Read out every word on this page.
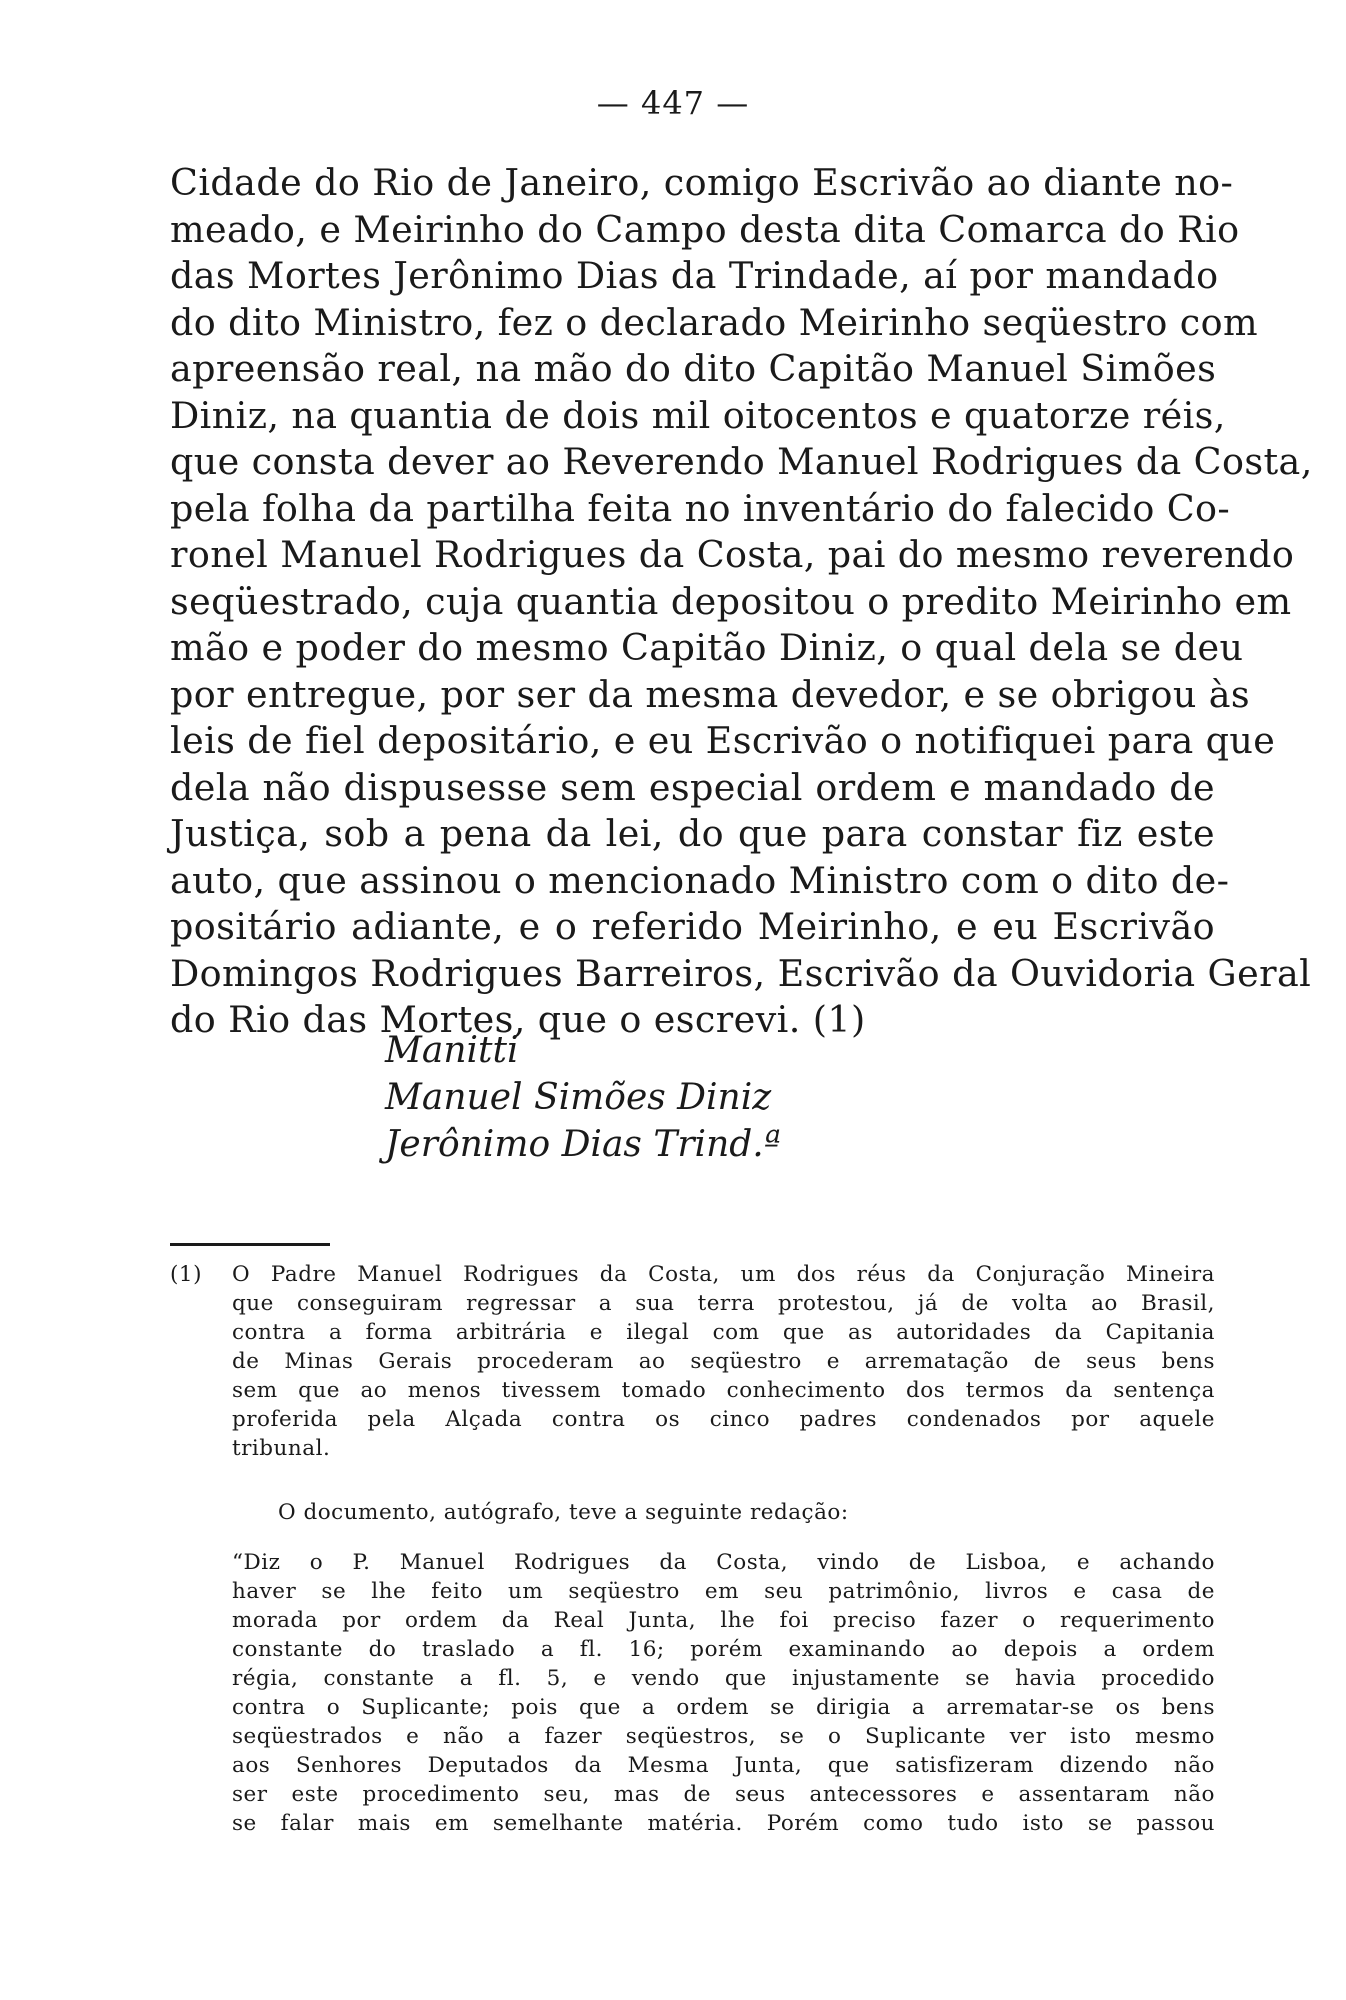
— 447 —
Cidade do Rio de Janeiro, comigo Escrivão ao diante no-
meado, e Meirinho do Campo desta dita Comarca do Rio
das Mortes Jerônimo Dias da Trindade, aí por mandado
do dito Ministro, fez o declarado Meirinho seqüestro com
apreensão real, na mão do dito Capitão Manuel Simões
Diniz, na quantia de dois mil oitocentos e quatorze réis,
que consta dever ao Reverendo Manuel Rodrigues da Costa,
pela folha da partilha feita no inventário do falecido Co-
ronel Manuel Rodrigues da Costa, pai do mesmo reverendo
seqüestrado, cuja quantia depositou o predito Meirinho em
mão e poder do mesmo Capitão Diniz, o qual dela se deu
por entregue, por ser da mesma devedor, e se obrigou às
leis de fiel depositário, e eu Escrivão o notifiquei para que
dela não dispusesse sem especial ordem e mandado de
Justiça, sob a pena da lei, do que para constar fiz este
auto, que assinou o mencionado Ministro com o dito de-
positário adiante, e o referido Meirinho, e eu Escrivão
Domingos Rodrigues Barreiros, Escrivão da Ouvidoria Geral
do Rio das Mortes, que o escrevi. (1)
Manitti
Manuel Simões Diniz
Jerônimo Dias Trind.ª
(1) O Padre Manuel Rodrigues da Costa, um dos réus da Conjuração Mineira
que conseguiram regressar a sua terra protestou, já de volta ao Brasil,
contra a forma arbitrária e ilegal com que as autoridades da Capitania
de Minas Gerais procederam ao seqüestro e arrematação de seus bens
sem que ao menos tivessem tomado conhecimento dos termos da sentença
proferida pela Alçada contra os cinco padres condenados por aquele
tribunal.
O documento, autógrafo, teve a seguinte redação:
“Diz o P. Manuel Rodrigues da Costa, vindo de Lisboa, e achando
haver se lhe feito um seqüestro em seu patrimônio, livros e casa de
morada por ordem da Real Junta, lhe foi preciso fazer o requerimento
constante do traslado a fl. 16; porém examinando ao depois a ordem
régia, constante a fl. 5, e vendo que injustamente se havia procedido
contra o Suplicante; pois que a ordem se dirigia a arrematar-se os bens
seqüestrados e não a fazer seqüestros, se o Suplicante ver isto mesmo
aos Senhores Deputados da Mesma Junta, que satisfizeram dizendo não
ser este procedimento seu, mas de seus antecessores e assentaram não
se falar mais em semelhante matéria. Porém como tudo isto se passou
